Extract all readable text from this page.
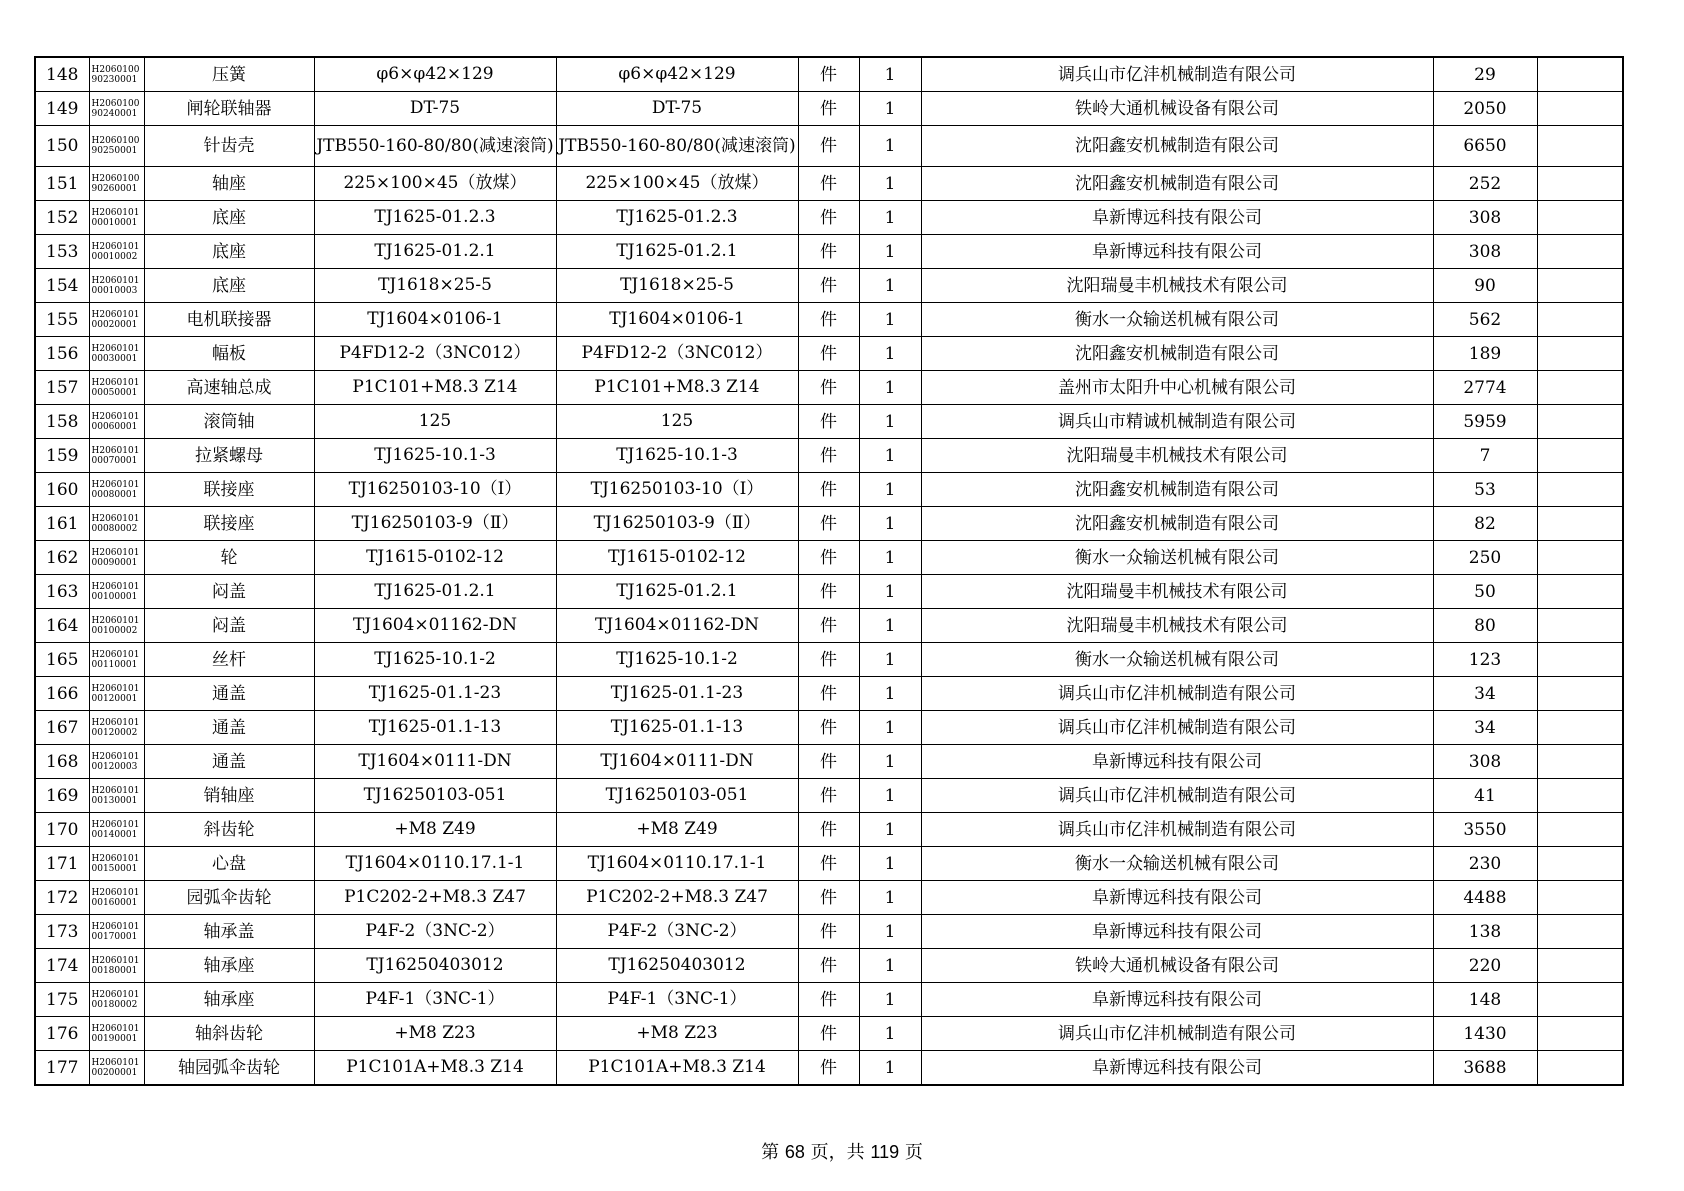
148	H206010090230001	压簧	φ6×φ42×129	φ6×φ42×129	件	1	调兵山市亿沣机械制造有限公司	29	
149	H206010090240001	闸轮联轴器	DT-75	DT-75	件	1	铁岭大通机械设备有限公司	2050	
150	H206010090250001	针齿壳	JTB550-160-80/80(减速滚筒)	JTB550-160-80/80(减速滚筒)	件	1	沈阳鑫安机械制造有限公司	6650	
151	H206010090260001	轴座	225×100×45（放煤）	225×100×45（放煤）	件	1	沈阳鑫安机械制造有限公司	252	
152	H206010100010001	底座	TJ1625-01.2.3	TJ1625-01.2.3	件	1	阜新博远科技有限公司	308	
153	H206010100010002	底座	TJ1625-01.2.1	TJ1625-01.2.1	件	1	阜新博远科技有限公司	308	
154	H206010100010003	底座	TJ1618×25-5	TJ1618×25-5	件	1	沈阳瑞曼丰机械技术有限公司	90	
155	H206010100020001	电机联接器	TJ1604×0106-1	TJ1604×0106-1	件	1	衡水一众输送机械有限公司	562	
156	H206010100030001	幅板	P4FD12-2（3NC012）	P4FD12-2（3NC012）	件	1	沈阳鑫安机械制造有限公司	189	
157	H206010100050001	高速轴总成	P1C101+M8.3 Z14	P1C101+M8.3 Z14	件	1	盖州市太阳升中心机械有限公司	2774	
158	H206010100060001	滚筒轴	125	125	件	1	调兵山市精诚机械制造有限公司	5959	
159	H206010100070001	拉紧螺母	TJ1625-10.1-3	TJ1625-10.1-3	件	1	沈阳瑞曼丰机械技术有限公司	7	
160	H206010100080001	联接座	TJ16250103-10（Ⅰ）	TJ16250103-10（Ⅰ）	件	1	沈阳鑫安机械制造有限公司	53	
161	H206010100080002	联接座	TJ16250103-9（Ⅱ）	TJ16250103-9（Ⅱ）	件	1	沈阳鑫安机械制造有限公司	82	
162	H206010100090001	轮	TJ1615-0102-12	TJ1615-0102-12	件	1	衡水一众输送机械有限公司	250	
163	H206010100100001	闷盖	TJ1625-01.2.1	TJ1625-01.2.1	件	1	沈阳瑞曼丰机械技术有限公司	50	
164	H206010100100002	闷盖	TJ1604×01162-DN	TJ1604×01162-DN	件	1	沈阳瑞曼丰机械技术有限公司	80	
165	H206010100110001	丝杆	TJ1625-10.1-2	TJ1625-10.1-2	件	1	衡水一众输送机械有限公司	123	
166	H206010100120001	通盖	TJ1625-01.1-23	TJ1625-01.1-23	件	1	调兵山市亿沣机械制造有限公司	34	
167	H206010100120002	通盖	TJ1625-01.1-13	TJ1625-01.1-13	件	1	调兵山市亿沣机械制造有限公司	34	
168	H206010100120003	通盖	TJ1604×0111-DN	TJ1604×0111-DN	件	1	阜新博远科技有限公司	308	
169	H206010100130001	销轴座	TJ16250103-051	TJ16250103-051	件	1	调兵山市亿沣机械制造有限公司	41	
170	H206010100140001	斜齿轮	+M8 Z49	+M8 Z49	件	1	调兵山市亿沣机械制造有限公司	3550	
171	H206010100150001	心盘	TJ1604×0110.17.1-1	TJ1604×0110.17.1-1	件	1	衡水一众输送机械有限公司	230	
172	H206010100160001	园弧伞齿轮	P1C202-2+M8.3 Z47	P1C202-2+M8.3 Z47	件	1	阜新博远科技有限公司	4488	
173	H206010100170001	轴承盖	P4F-2（3NC-2）	P4F-2（3NC-2）	件	1	阜新博远科技有限公司	138	
174	H206010100180001	轴承座	TJ16250403012	TJ16250403012	件	1	铁岭大通机械设备有限公司	220	
175	H206010100180002	轴承座	P4F-1（3NC-1）	P4F-1（3NC-1）	件	1	阜新博远科技有限公司	148	
176	H206010100190001	轴斜齿轮	+M8 Z23	+M8 Z23	件	1	调兵山市亿沣机械制造有限公司	1430	
177	H206010100200001	轴园弧伞齿轮	P1C101A+M8.3 Z14	P1C101A+M8.3 Z14	件	1	阜新博远科技有限公司	3688	
第 68 页，共 119 页
